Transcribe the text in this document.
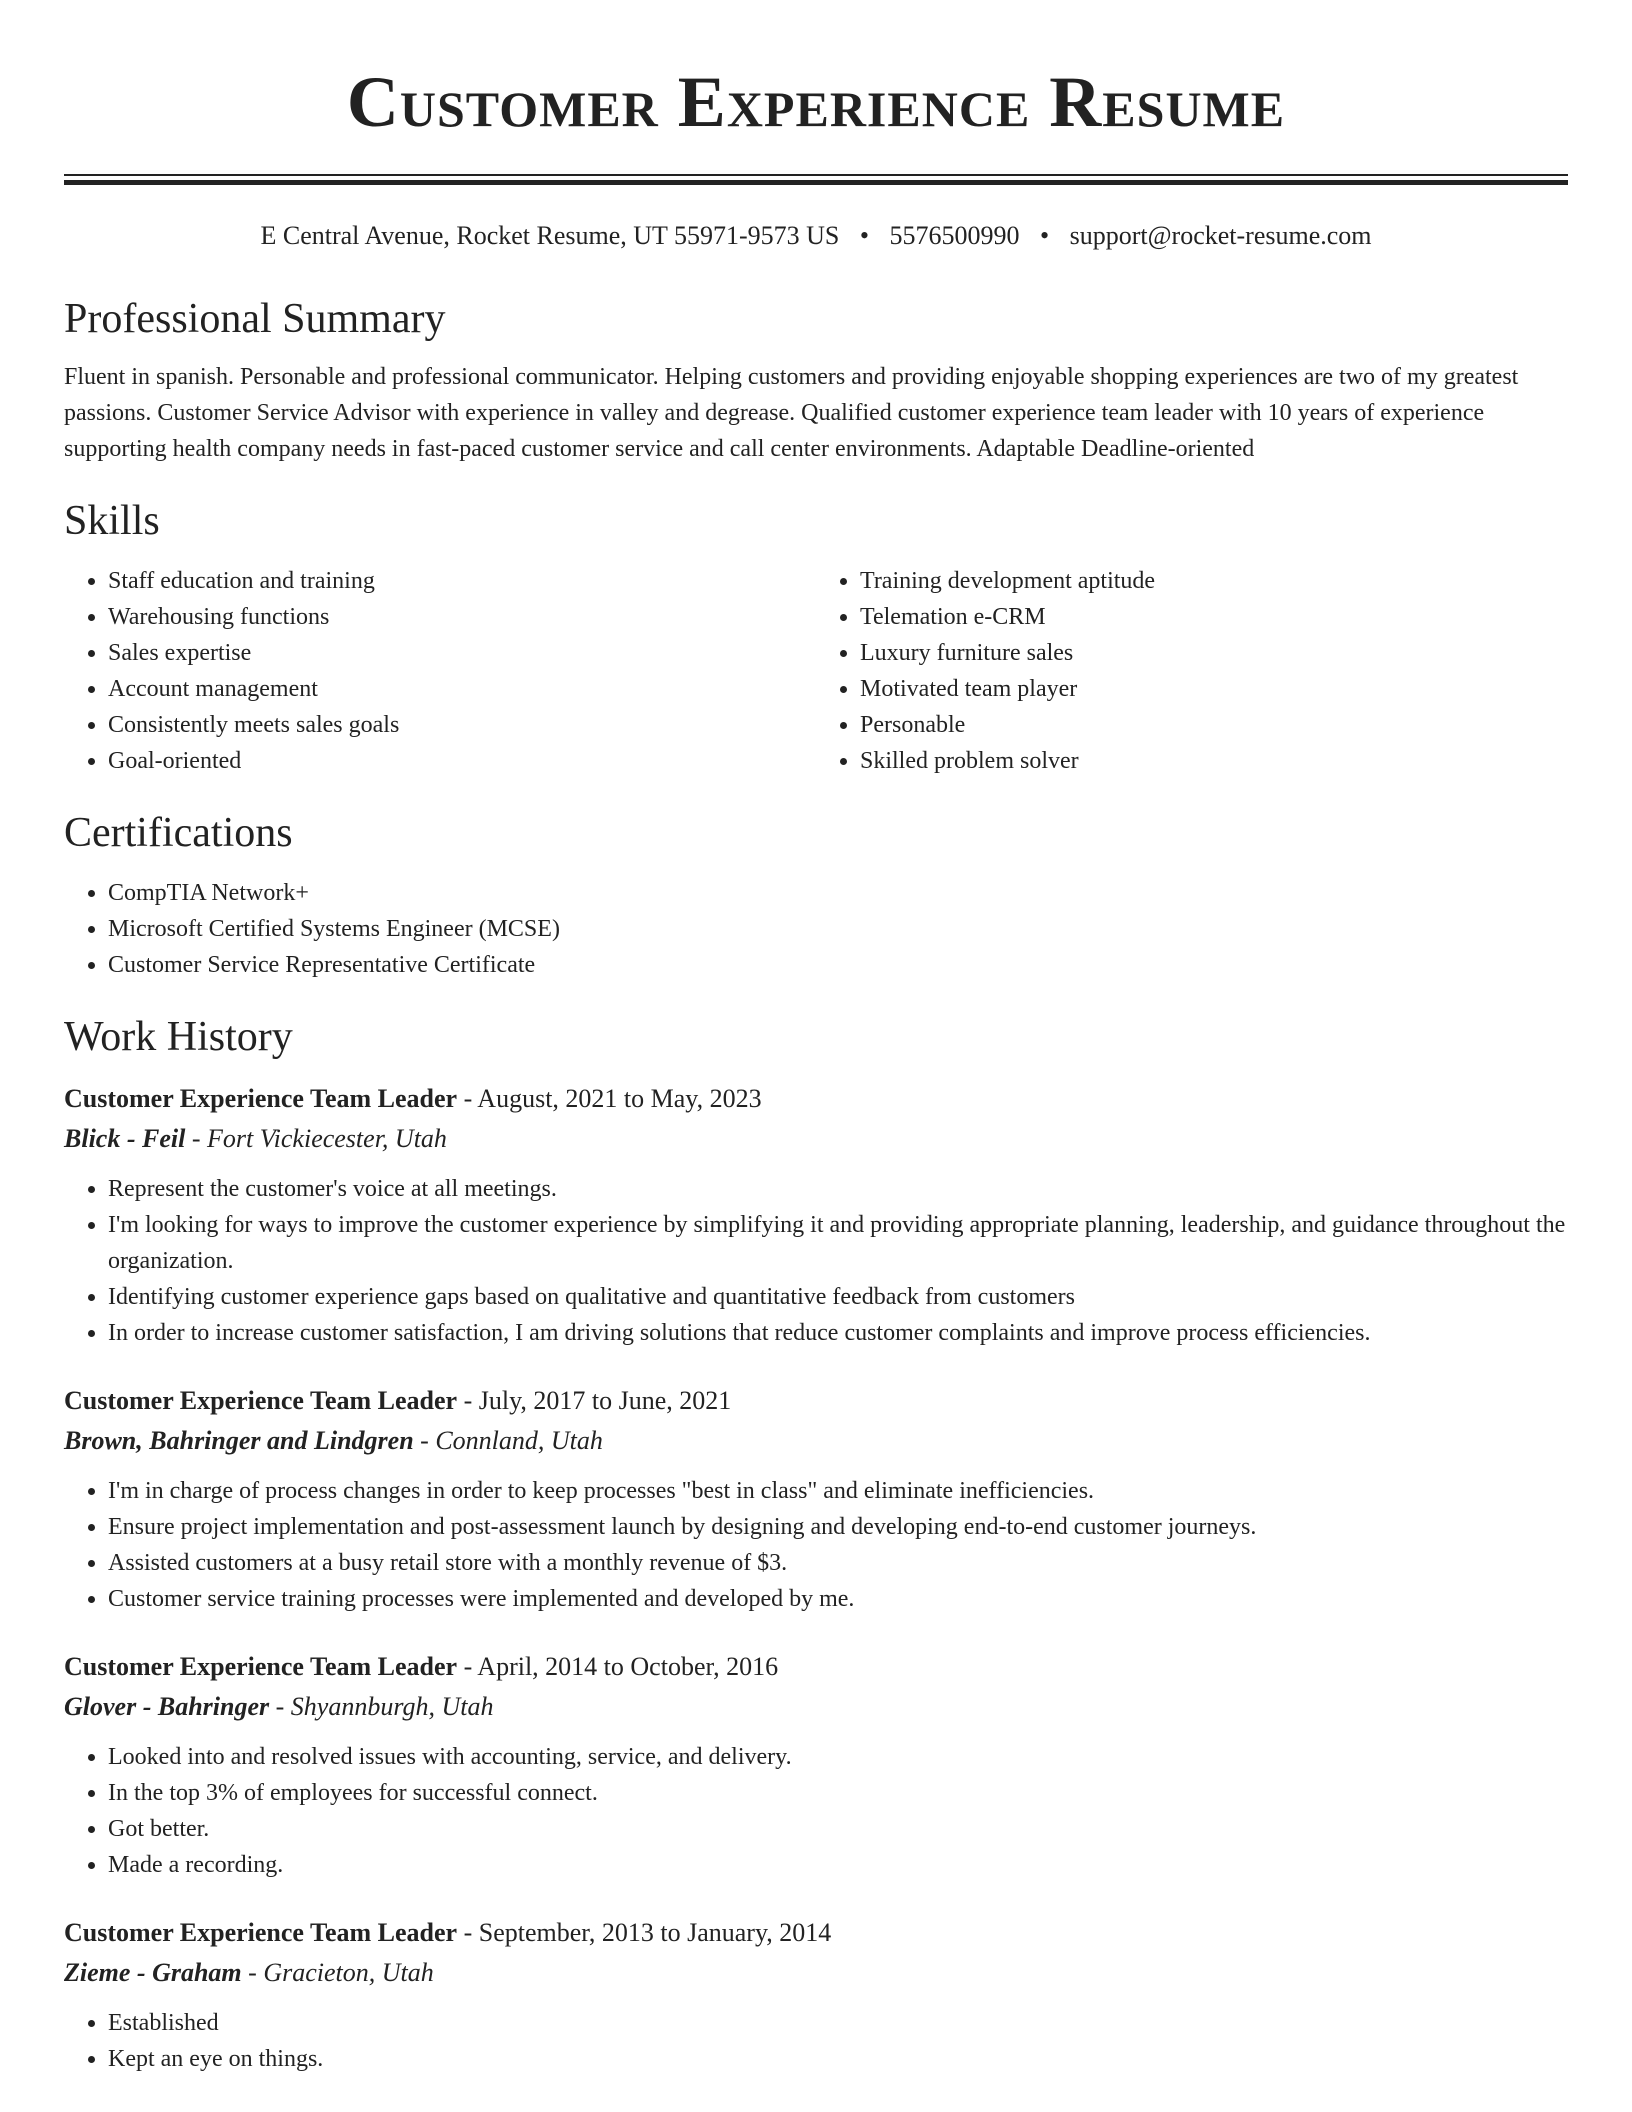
Customer Experience Resume
E Central Avenue, Rocket Resume, UT 55971-9573 US • 5576500990 • support@rocket-resume.com
Professional Summary

Fluent in spanish. Personable and professional communicator. Helping customers and providing enjoyable shopping experiences are two of my greatest passions. Customer Service Advisor with experience in valley and degrease. Qualified customer experience team leader with 10 years of experience supporting health company needs in fast-paced customer service and call center environments. Adaptable Deadline-oriented

Skills
• Staff education and training
• Warehousing functions
• Sales expertise
• Account management
• Consistently meets sales goals
• Goal-oriented
• Training development aptitude
• Telemation e-CRM
• Luxury furniture sales
• Motivated team player
• Personable
• Skilled problem solver
Certifications
• CompTIA Network+
• Microsoft Certified Systems Engineer (MCSE)
• Customer Service Representative Certificate
Work History
Customer Experience Team Leader - August, 2021 to May, 2023
Blick - Feil - Fort Vickiecester, Utah
• Represent the customer's voice at all meetings.
• I'm looking for ways to improve the customer experience by simplifying it and providing appropriate planning, leadership, and guidance throughout the organization.
• Identifying customer experience gaps based on qualitative and quantitative feedback from customers
• In order to increase customer satisfaction, I am driving solutions that reduce customer complaints and improve process efficiencies.
Customer Experience Team Leader - July, 2017 to June, 2021
Brown, Bahringer and Lindgren - Connland, Utah
• I'm in charge of process changes in order to keep processes "best in class" and eliminate inefficiencies.
• Ensure project implementation and post-assessment launch by designing and developing end-to-end customer journeys.
• Assisted customers at a busy retail store with a monthly revenue of $3.
• Customer service training processes were implemented and developed by me.
Customer Experience Team Leader - April, 2014 to October, 2016
Glover - Bahringer - Shyannburgh, Utah
• Looked into and resolved issues with accounting, service, and delivery.
• In the top 3% of employees for successful connect.
• Got better.
• Made a recording.
Customer Experience Team Leader - September, 2013 to January, 2014
Zieme - Graham - Gracieton, Utah
• Established
• Kept an eye on things.
